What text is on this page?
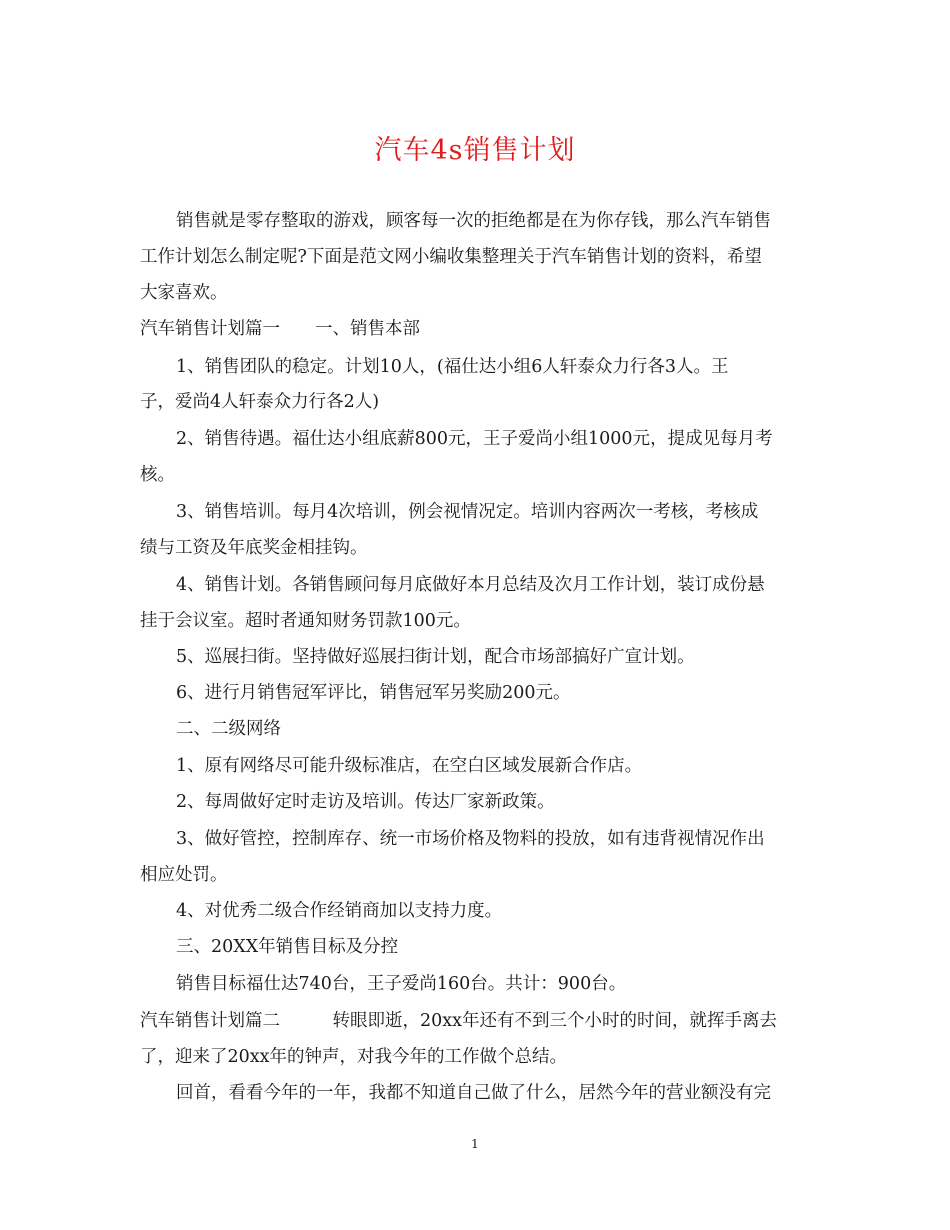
汽车4s销售计划
销售就是零存整取的游戏，顾客每一次的拒绝都是在为你存钱，那么汽车销售
工作计划怎么制定呢?下面是范文网小编收集整理关于汽车销售计划的资料，希望
大家喜欢。
汽车销售计划篇一　　一、销售本部
1、销售团队的稳定。计划10人，(福仕达小组6人轩泰众力行各3人。王
子，爱尚4人轩泰众力行各2人)
2、销售待遇。福仕达小组底薪800元，王子爱尚小组1000元，提成见每月考
核。
3、销售培训。每月4次培训，例会视情况定。培训内容两次一考核，考核成
绩与工资及年底奖金相挂钩。
4、销售计划。各销售顾问每月底做好本月总结及次月工作计划，装订成份悬
挂于会议室。超时者通知财务罚款100元。
5、巡展扫街。坚持做好巡展扫街计划，配合市场部搞好广宣计划。
6、进行月销售冠军评比，销售冠军另奖励200元。
二、二级网络
1、原有网络尽可能升级标准店，在空白区域发展新合作店。
2、每周做好定时走访及培训。传达厂家新政策。
3、做好管控，控制库存、统一市场价格及物料的投放，如有违背视情况作出
相应处罚。
4、对优秀二级合作经销商加以支持力度。
三、20XX年销售目标及分控
销售目标福仕达740台，王子爱尚160台。共计：900台。
汽车销售计划篇二　　　转眼即逝，20xx年还有不到三个小时的时间，就挥手离去
了，迎来了20xx年的钟声，对我今年的工作做个总结。
回首，看看今年的一年，我都不知道自己做了什么，居然今年的营业额没有完
1
